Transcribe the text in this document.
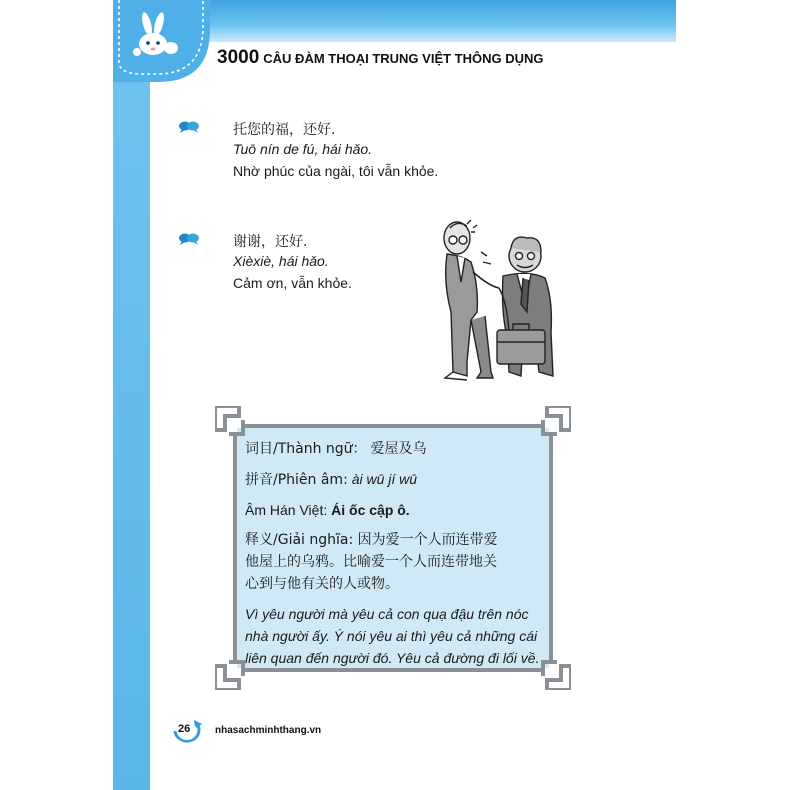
3000 CÂU ĐÀM THOẠI TRUNG VIỆT THÔNG DỤNG
托您的福，还好.
Tuō nín de fú, hái hǎo.
Nhờ phúc của ngài, tôi vẫn khỏe.
谢谢，还好.
Xièxiè, hái hǎo.
Cảm ơn, vẫn khỏe.
词目/Thành ngữ： 爱屋及乌
拼音/Phiên âm: ài wū jí wū
Âm Hán Việt: Ái ốc cập ô.
释义/Giải nghĩa: 因为爱一个人而连带爱
他屋上的乌鸦。比喻爱一个人而连带地关
心到与他有关的人或物。
Vì yêu người mà yêu cả con quạ đậu trên nóc
nhà người ấy. Ý nói yêu ai thì yêu cả những cái
liên quan đến người đó. Yêu cả đường đi lối về.
26 nhasachminhthang.vn
